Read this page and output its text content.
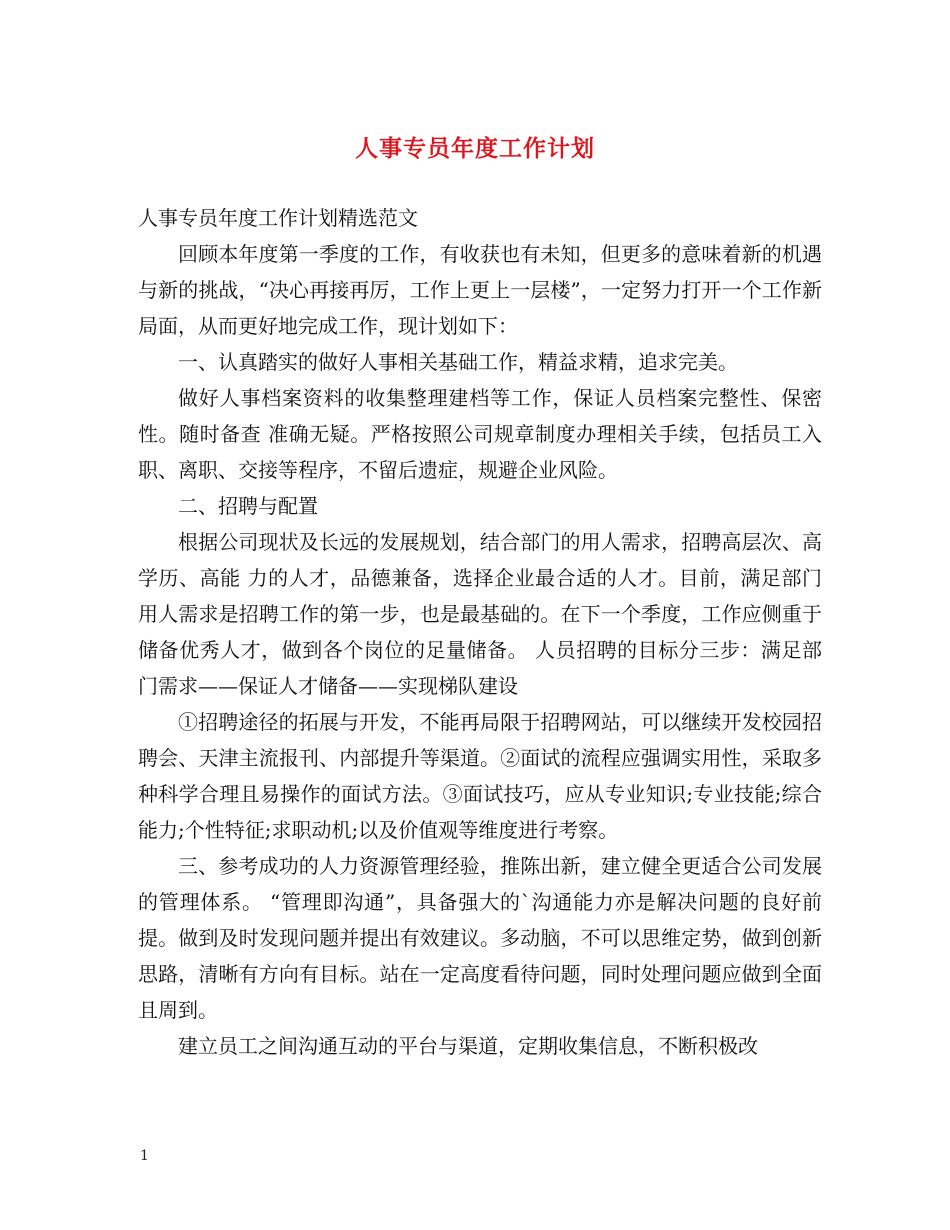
人事专员年度工作计划

人事专员年度工作计划精选范文

回顾本年度第一季度的工作，有收获也有未知，但更多的意味着新的机遇与新的挑战，“决心再接再厉，工作上更上一层楼”，一定努力打开一个工作新局面，从而更好地完成工作，现计划如下：

一、认真踏实的做好人事相关基础工作，精益求精，追求完美。

做好人事档案资料的收集整理建档等工作，保证人员档案完整性、保密性。随时备查 准确无疑。严格按照公司规章制度办理相关手续，包括员工入职、离职、交接等程序，不留后遗症，规避企业风险。

二、招聘与配置

根据公司现状及长远的发展规划，结合部门的用人需求，招聘高层次、高学历、高能 力的人才，品德兼备，选择企业最合适的人才。目前，满足部门用人需求是招聘工作的第一步，也是最基础的。在下一个季度，工作应侧重于储备优秀人才，做到各个岗位的足量储备。 人员招聘的目标分三步：满足部门需求——保证人才储备——实现梯队建设

①招聘途径的拓展与开发，不能再局限于招聘网站，可以继续开发校园招聘会、天津主流报刊、内部提升等渠道。②面试的流程应强调实用性，采取多种科学合理且易操作的面试方法。③面试技巧，应从专业知识;专业技能;综合能力;个性特征;求职动机;以及价值观等维度进行考察。

三、参考成功的人力资源管理经验，推陈出新，建立健全更适合公司发展的管理体系。 “管理即沟通”，具备强大的`沟通能力亦是解决问题的良好前提。做到及时发现问题并提出有效建议。多动脑，不可以思维定势，做到创新思路，清晰有方向有目标。站在一定高度看待问题，同时处理问题应做到全面且周到。

建立员工之间沟通互动的平台与渠道，定期收集信息，不断积极改

1
